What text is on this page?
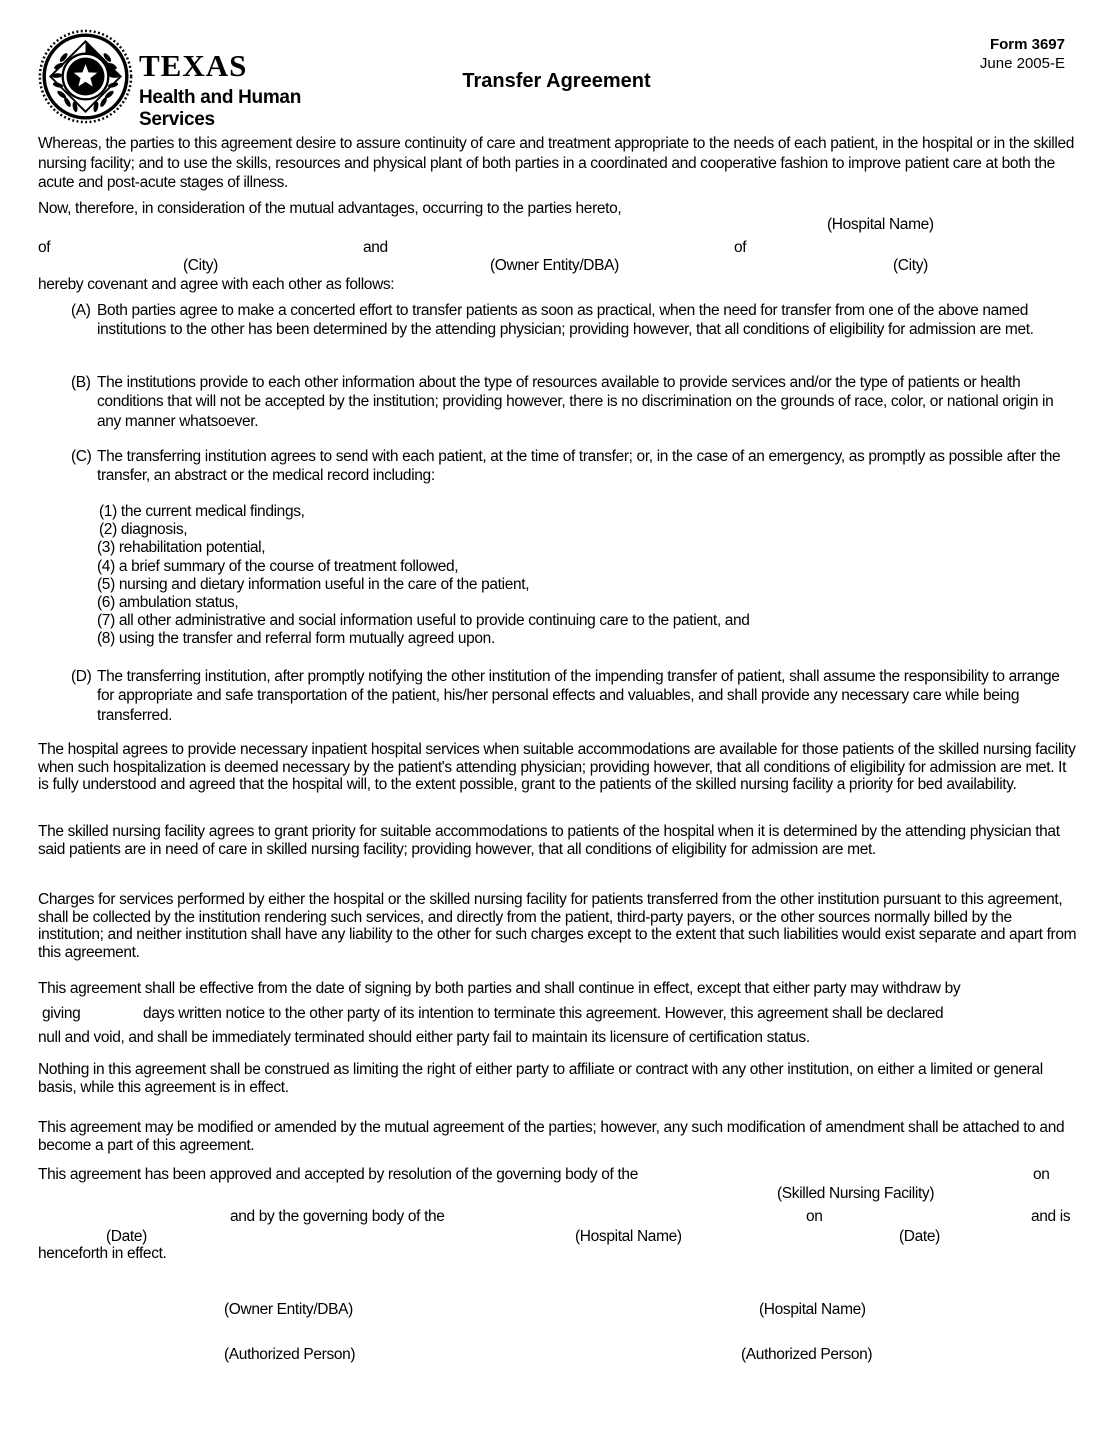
TEXAS
Health and Human
Services
Transfer Agreement
Form 3697
June 2005-E
Whereas, the parties to this agreement desire to assure continuity of care and treatment appropriate to the needs of each patient, in the hospital or in the skilled nursing facility; and to use the skills, resources and physical plant of both parties in a coordinated and cooperative fashion to improve patient care at both the acute and post-acute stages of illness.
Now, therefore, in consideration of the mutual advantages, occurring to the parties hereto,
(Hospital Name)
of	and	of
(City)	(Owner Entity/DBA)	(City)
hereby covenant and agree with each other as follows:
(A) Both parties agree to make a concerted effort to transfer patients as soon as practical, when the need for transfer from one of the above named institutions to the other has been determined by the attending physician; providing however, that all conditions of eligibility for admission are met.
(B) The institutions provide to each other information about the type of resources available to provide services and/or the type of patients or health conditions that will not be accepted by the institution; providing however, there is no discrimination on the grounds of race, color, or national origin in any manner whatsoever.
(C) The transferring institution agrees to send with each patient, at the time of transfer; or, in the case of an emergency, as promptly as possible after the transfer, an abstract or the medical record including:
(1) the current medical findings,
(2) diagnosis,
(3) rehabilitation potential,
(4) a brief summary of the course of treatment followed,
(5) nursing and dietary information useful in the care of the patient,
(6) ambulation status,
(7) all other administrative and social information useful to provide continuing care to the patient, and
(8) using the transfer and referral form mutually agreed upon.
(D) The transferring institution, after promptly notifying the other institution of the impending transfer of patient, shall assume the responsibility to arrange for appropriate and safe transportation of the patient, his/her personal effects and valuables, and shall provide any necessary care while being transferred.
The hospital agrees to provide necessary inpatient hospital services when suitable accommodations are available for those patients of the skilled nursing facility when such hospitalization is deemed necessary by the patient's attending physician; providing however, that all conditions of eligibility for admission are met. It is fully understood and agreed that the hospital will, to the extent possible, grant to the patients of the skilled nursing facility a priority for bed availability.
The skilled nursing facility agrees to grant priority for suitable accommodations to patients of the hospital when it is determined by the attending physician that said patients are in need of care in skilled nursing facility; providing however, that all conditions of eligibility for admission are met.
Charges for services performed by either the hospital or the skilled nursing facility for patients transferred from the other institution pursuant to this agreement, shall be collected by the institution rendering such services, and directly from the patient, third-party payers, or the other sources normally billed by the institution; and neither institution shall have any liability to the other for such charges except to the extent that such liabilities would exist separate and apart from this agreement.
This agreement shall be effective from the date of signing by both parties and shall continue in effect, except that either party may withdraw by
giving	days written notice to the other party of its intention to terminate this agreement. However, this agreement shall be declared
null and void, and shall be immediately terminated should either party fail to maintain its licensure of certification status.
Nothing in this agreement shall be construed as limiting the right of either party to affiliate or contract with any other institution, on either a limited or general basis, while this agreement is in effect.
This agreement may be modified or amended by the mutual agreement of the parties; however, any such modification of amendment shall be attached to and become a part of this agreement.
This agreement has been approved and accepted by resolution of the governing body of the	on
(Skilled Nursing Facility)
and by the governing body of the	on	and is
(Date)	(Hospital Name)	(Date)
henceforth in effect.
(Owner Entity/DBA)	(Hospital Name)
(Authorized Person)	(Authorized Person)
